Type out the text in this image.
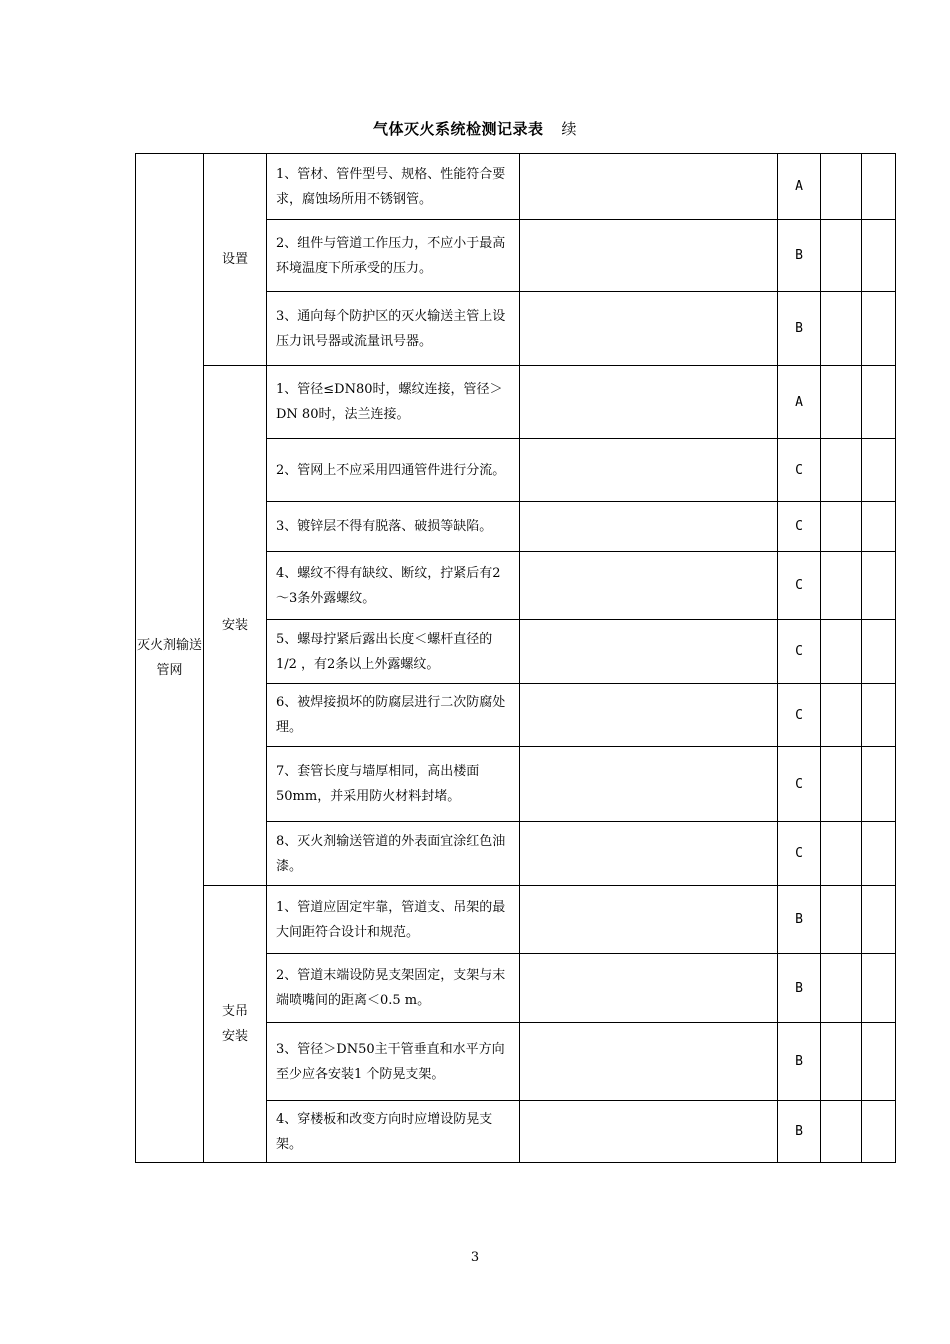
气体灭火系统检测记录表 续
灭火剂输送管网	设置	1、管材、管件型号、规格、性能符合要求，腐蚀场所用不锈钢管。		A		
		2、组件与管道工作压力，不应小于最高环境温度下所承受的压力。		B		
		3、通向每个防护区的灭火输送主管上设压力讯号器或流量讯号器。		B		
	安装	1、管径≤DN80时，螺纹连接，管径＞DN 80时，法兰连接。		A		
		2、管网上不应采用四通管件进行分流。		C		
		3、镀锌层不得有脱落、破损等缺陷。		C		
		4、螺纹不得有缺纹、断纹，拧紧后有2～3条外露螺纹。		C		
		5、螺母拧紧后露出长度＜螺杆直径的1/2 ，有2条以上外露螺纹。		C		
		6、被焊接损坏的防腐层进行二次防腐处理。		C		
		7、套管长度与墙厚相同，高出楼面50mm，并采用防火材料封堵。		C		
		8、灭火剂输送管道的外表面宜涂红色油漆。		C		
	支吊安装	1、管道应固定牢靠，管道支、吊架的最大间距符合设计和规范。		B		
		2、管道末端设防晃支架固定，支架与末端喷嘴间的距离＜0.5 m。		B		
		3、管径＞DN50主干管垂直和水平方向至少应各安装1 个防晃支架。		B		
		4、穿楼板和改变方向时应增设防晃支架。		B		
3
